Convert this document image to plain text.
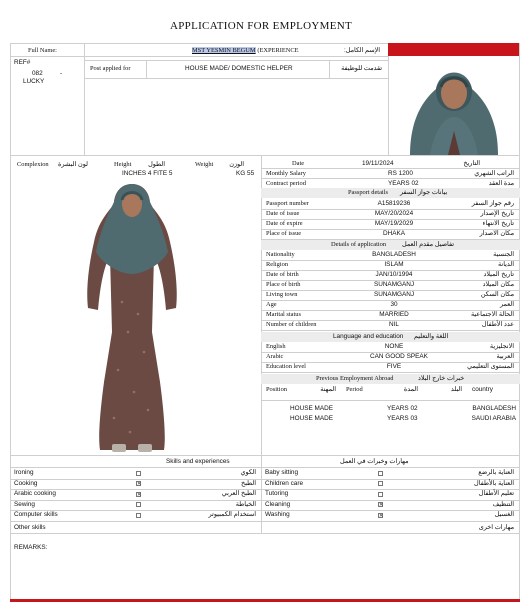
APPLICATION FOR EMPLOYMENT
Full Name:	MST YESMIN BEGUM (EXPERIENCE	الإسم الكامل:
REF#
082	-
LUCKY
Post applied for	HOUSE MADE/ DOMESTIC HELPER	تقدمت للوظيفة
Complexion لون البشرة	Height	الطول
INCHES 4 FITE 5
Weight	الوزن
KG 55
Date	19/11/2024	التاريخ
Monthly Salary	RS 1200	الراتب الشهري
Contract period	YEARS 02	مدة العقد
Passport details بيانات جواز السفر
Details of application تفاصيل مقدم العمل
Language and education اللغة والتعليم
Previous Employment Abroad	خبرات خارج البلاد
Position	المهنة Period	المدة	البلد country
Skills and experiences	مهارات وخبرات في العمل
Other skills	مهارات اخرى
REMARKS:
Passport number	A15819236	رقم جواز السفر
Date of issue	MAY/20/2024	تاريخ الإصدار
Date of expire	MAY/19/2029	تاريخ الانتهاء
Place of issue	DHAKA	مكان الاصدار
Nationality	BANGLADESH	الجنسية
Religion	ISLAM	الديانة
Date of birth	JAN/10/1994	تاريخ الميلاد
Place of birth	SUNAMGANJ	مكان الميلاد
Living town	SUNAMGANJ	مكان السكن
Age	30	العمر
Marital status	MARRIED	الحالة الاجتماعية
Number of children	NIL	عدد الأطفال
English	NONE	الانجليزية
Arabic	CAN GOOD SPEAK	العربية
Education level	FIVE	المستوى التعليمي
HOUSE MADE	YEARS 02	BANGLADESH
HOUSE MADE	YEARS 03	SAUDI ARABIA
Ironing	الكوي
Cooking	✕	الطبخ
Arabic cooking	✕	الطبخ العربي
Sewing	الخياطة
Computer skills	استخدام الكمبيوتر
Baby sitting	العناية بالرضع
Children care	العناية بالأطفال
Tutoring	تعليم الأطفال
Cleaning	✕	التنظيف
Washing	✕	الغسيل
